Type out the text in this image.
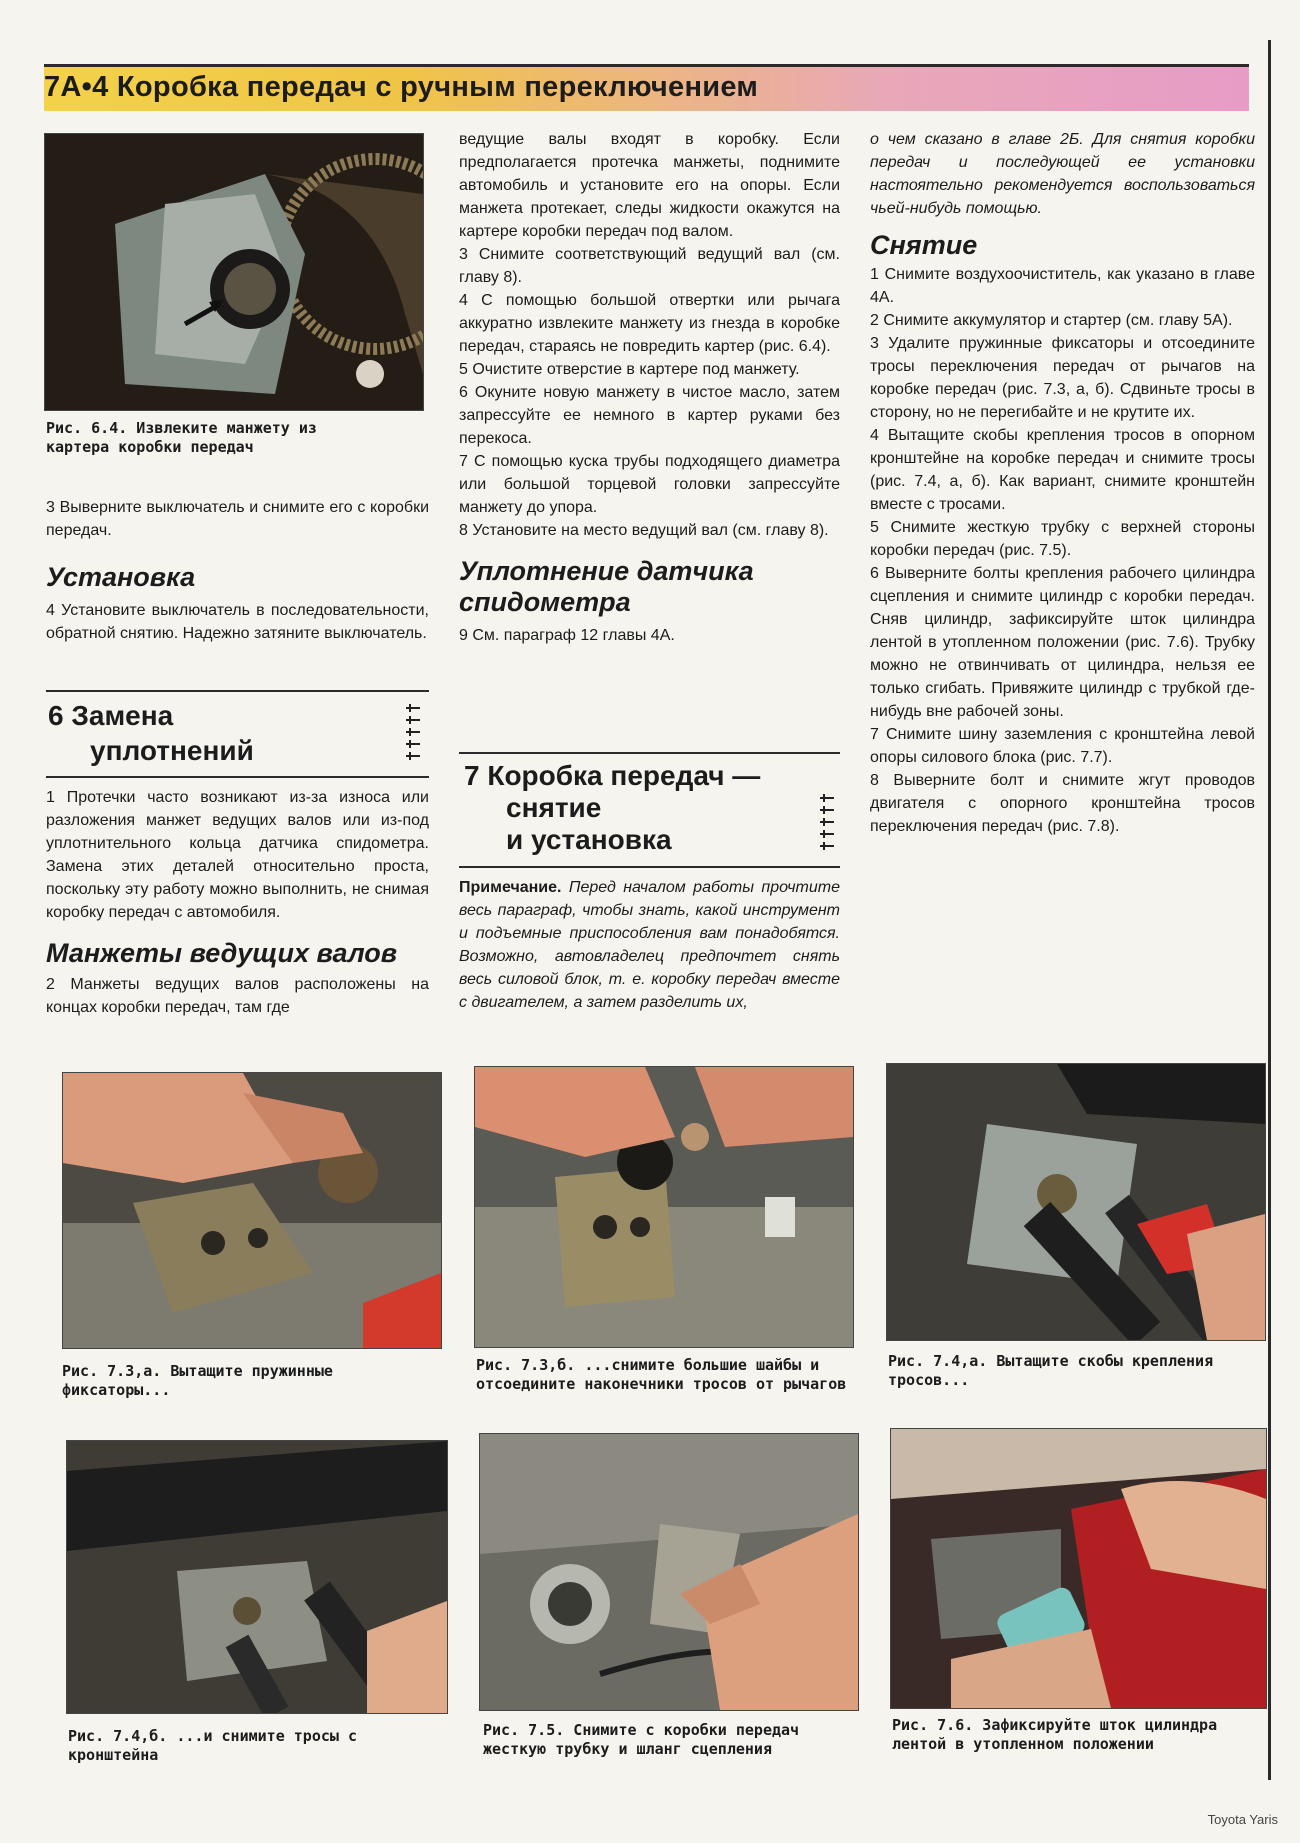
7A•4 Коробка передач с ручным переключением
Рис. 6.4. Извлеките манжету из картера коробки передач

3 Выверните выключатель и снимите его с коробки передач.

Установка

4 Установите выключатель в последовательности, обратной снятию. Надежно затяните выключатель.

6 Замена
уплотнений

1 Протечки часто возникают из-за износа или разложения манжет ведущих валов или из-под уплотнительного кольца датчика спидометра. Замена этих деталей относительно проста, поскольку эту работу можно выполнить, не снимая коробку передач с автомобиля.

Манжеты ведущих валов

2 Манжеты ведущих валов расположены на концах коробки передач, там где

ведущие валы входят в коробку. Если предполагается протечка манжеты, поднимите автомобиль и установите его на опоры. Если манжета протекает, следы жидкости окажутся на картере коробки передач под валом.

3 Снимите соответствующий ведущий вал (см. главу 8).

4 С помощью большой отвертки или рычага аккуратно извлеките манжету из гнезда в коробке передач, стараясь не повредить картер (рис. 6.4).

5 Очистите отверстие в картере под манжету.

6 Окуните новую манжету в чистое масло, затем запрессуйте ее немного в картер руками без перекоса.

7 С помощью куска трубы подходящего диаметра или большой торцевой головки запрессуйте манжету до упора.

8 Установите на место ведущий вал (см. главу 8).

Уплотнение датчика
спидометра

9 См. параграф 12 главы 4А.

7 Коробка передач —
снятие
и установка

Примечание. Перед началом работы прочтите весь параграф, чтобы знать, какой инструмент и подъемные приспособления вам понадобятся. Возможно, автовладелец предпочтет снять весь силовой блок, т. е. коробку передач вместе с двигателем, а затем разделить их,

о чем сказано в главе 2Б. Для снятия коробки передач и последующей ее установки настоятельно рекомендуется воспользоваться чьей-нибудь помощью.

Снятие

1 Снимите воздухоочиститель, как указано в главе 4А.

2 Снимите аккумулятор и стартер (см. главу 5А).

3 Удалите пружинные фиксаторы и отсоедините тросы переключения передач от рычагов на коробке передач (рис. 7.3, а, б). Сдвиньте тросы в сторону, но не перегибайте и не крутите их.

4 Вытащите скобы крепления тросов в опорном кронштейне на коробке передач и снимите тросы (рис. 7.4, а, б). Как вариант, снимите кронштейн вместе с тросами.

5 Снимите жесткую трубку с верхней стороны коробки передач (рис. 7.5).

6 Выверните болты крепления рабочего цилиндра сцепления и снимите цилиндр с коробки передач. Сняв цилиндр, зафиксируйте шток цилиндра лентой в утопленном положении (рис. 7.6). Трубку можно не отвинчивать от цилиндра, нельзя ее только сгибать. Привяжите цилиндр с трубкой где-нибудь вне рабочей зоны.

7 Снимите шину заземления с кронштейна левой опоры силового блока (рис. 7.7).

8 Выверните болт и снимите жгут проводов двигателя с опорного кронштейна тросов переключения передач (рис. 7.8).

Рис. 7.3,а. Вытащите пружинные фиксаторы...
Рис. 7.3,б. ...снимите большие шайбы и отсоедините наконечники тросов от рычагов
Рис. 7.4,а. Вытащите скобы крепления тросов...
Рис. 7.4,б. ...и снимите тросы с кронштейна
Рис. 7.5. Снимите с коробки передач жесткую трубку и шланг сцепления
Рис. 7.6. Зафиксируйте шток цилиндра лентой в утопленном положении
Toyota Yaris
